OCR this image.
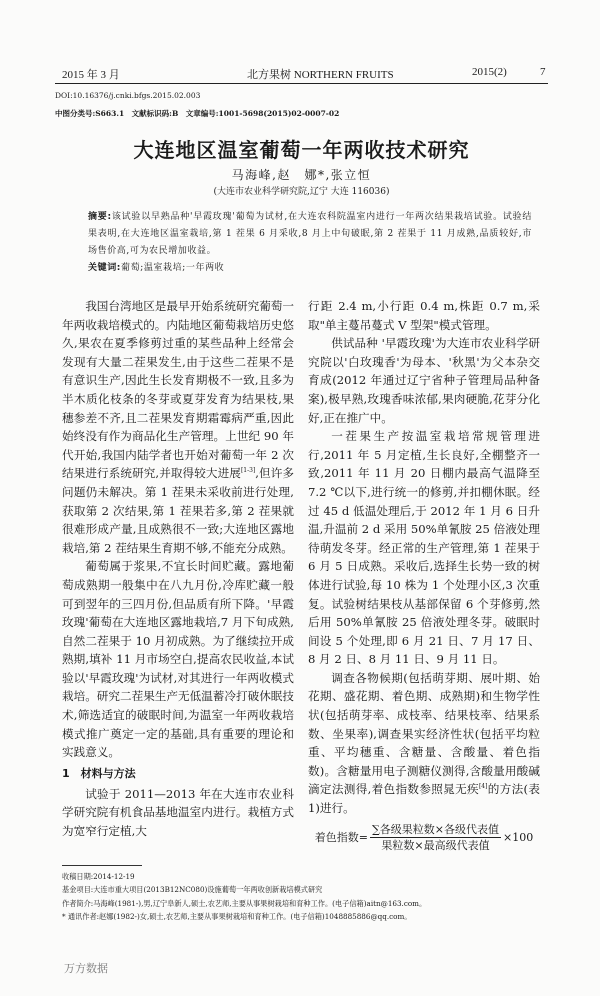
2015 年 3 月	北方果树 NORTHERN FRUITS	2015(2)	7
DOI:10.16376/j.cnki.bfgs.2015.02.003
中图分类号:S663.1　文献标识码:B　文章编号:1001-5698(2015)02-0007-02
大连地区温室葡萄一年两收技术研究
马海峰,赵　娜*,张立恒
(大连市农业科学研究院,辽宁 大连 116036)
摘要:该试验以早熟品种'早霞玫瑰'葡萄为试材,在大连农科院温室内进行一年两次结果栽培试验。试验结果表明,在大连地区温室栽培,第 1 茬果 6 月采收,8 月上中旬破眠,第 2 茬果于 11 月成熟,品质较好,市场售价高,可为农民增加收益。
关键词:葡萄;温室栽培;一年两收

我国台湾地区是最早开始系统研究葡萄一年两收栽培模式的。内陆地区葡萄栽培历史悠久,果农在夏季修剪过重的某些品种上经常会发现有大量二茬果发生,由于这些二茬果不是有意识生产,因此生长发育期极不一致,且多为半木质化枝条的冬芽或夏芽发育为结果枝,果穗参差不齐,且二茬果发育期霜霉病严重,因此始终没有作为商品化生产管理。上世纪 90 年代开始,我国内陆学者也开始对葡萄一年 2 次结果进行系统研究,并取得较大进展[1-3],但许多问题仍未解决。第 1 茬果未采收前进行处理,获取第 2 次结果,第 1 茬果若多,第 2 茬果就很难形成产量,且成熟很不一致;大连地区露地栽培,第 2 茬结果生育期不够,不能充分成熟。

葡萄属于浆果,不宜长时间贮藏。露地葡萄成熟期一般集中在八九月份,冷库贮藏一般可到翌年的三四月份,但品质有所下降。'早霞玫瑰'葡萄在大连地区露地栽培,7 月下旬成熟,自然二茬果于 10 月初成熟。为了继续拉开成熟期,填补 11 月市场空白,提高农民收益,本试验以'早霞玫瑰'为试材,对其进行一年两收模式栽培。研究二茬果生产无低温蓄冷打破休眠技术,筛选适宜的破眠时间,为温室一年两收栽培模式推广奠定一定的基础,具有重要的理论和实践意义。

1　材料与方法

试验于 2011—2013 年在大连市农业科学研究院有机食品基地温室内进行。栽植方式为宽窄行定植,大

行距 2.4 m,小行距 0.4 m,株距 0.7 m,采取"单主蔓吊蔓式 V 型架"模式管理。

供试品种 '早霞玫瑰'为大连市农业科学研究院以'白玫瑰香'为母本、'秋黑'为父本杂交育成(2012 年通过辽宁省种子管理局品种备案),极早熟,玫瑰香味浓郁,果肉硬脆,花芽分化好,正在推广中。

一茬果生产按温室栽培常规管理进行,2011 年 5 月定植,生长良好,全棚整齐一致,2011 年 11 月 20 日棚内最高气温降至 7.2 ℃以下,进行统一的修剪,并扣棚休眠。经过 45 d 低温处理后,于 2012 年 1 月 6 日升温,升温前 2 d 采用 50%单氰胺 25 倍液处理待萌发冬芽。经正常的生产管理,第 1 茬果于 6 月 5 日成熟。采收后,选择生长势一致的树体进行试验,每 10 株为 1 个处理小区,3 次重复。试验树结果枝从基部保留 6 个芽修剪,然后用 50%单氰胺 25 倍液处理冬芽。破眠时间设 5 个处理,即 6 月 21 日、7 月 17 日、8 月 2 日、8 月 11 日、9 月 11 日。

调查各物候期(包括萌芽期、展叶期、始花期、盛花期、着色期、成熟期)和生物学性状(包括萌芽率、成枝率、结果枝率、结果系数、坐果率),调查果实经济性状(包括平均粒重、平均穗重、含糖量、含酸量、着色指数)。含糖量用电子测糖仪测得,含酸量用酸碱滴定法测得,着色指数参照晁无疾[4]的方法(表 1)进行。

着色指数= $\frac{\text{∑各级果粒数×各级代表值}}{\text{果粒数×最高级代表值}} \times 100$
收稿日期:2014-12-19
基金项目:大连市重大项目(2013B12NC080)设施葡萄一年两收创新栽培模式研究
作者简介:马海峰(1981-),男,辽宁阜新人,硕士,农艺师,主要从事果树栽培和育种工作。(电子信箱)aitn@163.com。
* 通讯作者:赵娜(1982-)女,硕士,农艺师,主要从事果树栽培和育种工作。(电子信箱)1048885886@qq.com。
万方数据
